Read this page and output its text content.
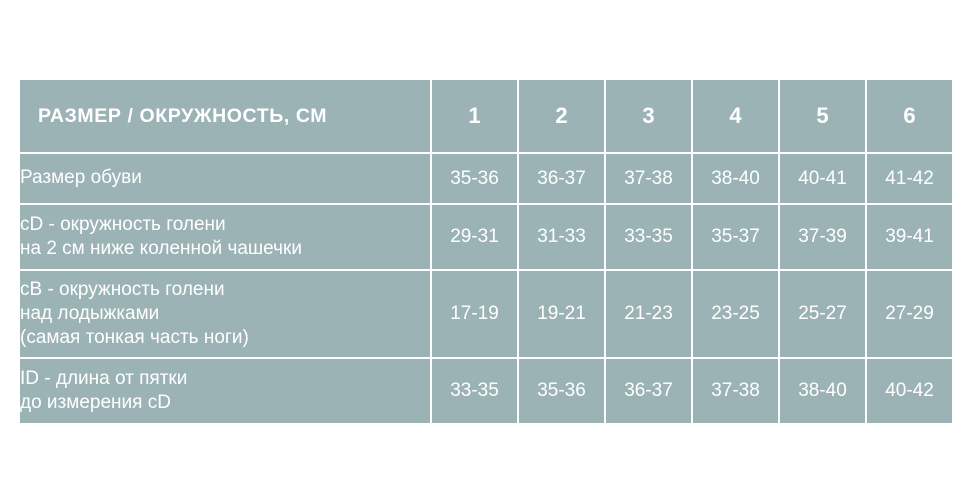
РАЗМЕР / ОКРУЖНОСТЬ, СМ	1	2	3	4	5	6

Размер обуви	35-36	36-37	37-38	38-40	40-41	41-42

cD - окружность голени
на 2 см ниже коленной чашечки	29-31	31-33	33-35	35-37	37-39	39-41

cB - окружность голени
над лодыжками
(самая тонкая часть ноги)	17-19	19-21	21-23	23-25	25-27	27-29

ID - длина от пятки
до измерения cD	33-35	35-36	36-37	37-38	38-40	40-42
